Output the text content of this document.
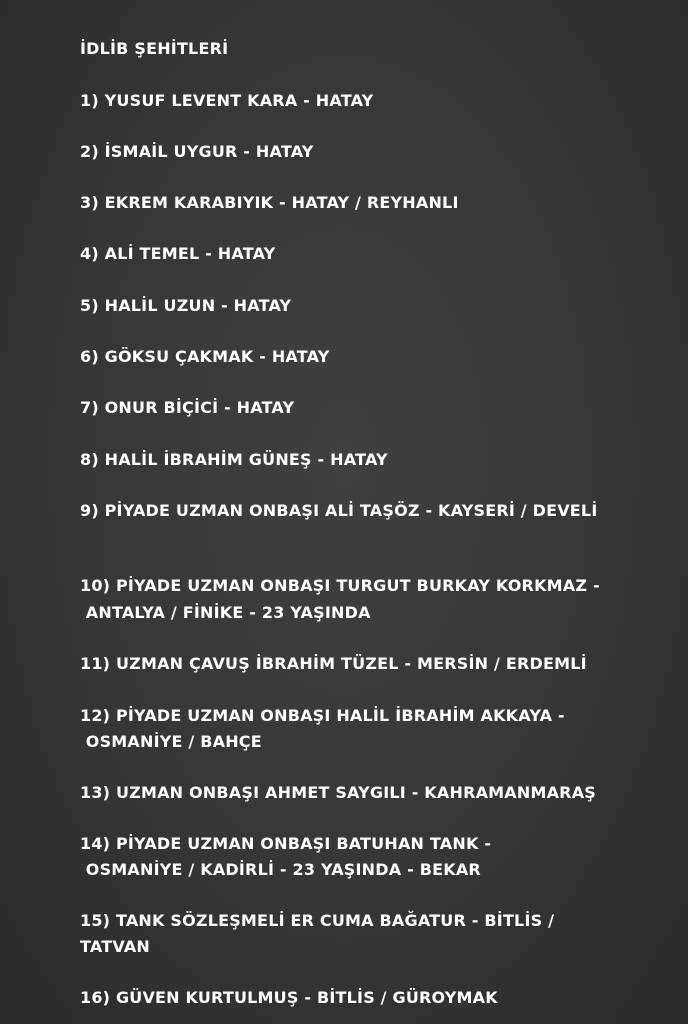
İDLİB ŞEHİTLERİ
1) YUSUF LEVENT KARA - HATAY
2) İSMAİL UYGUR - HATAY
3) EKREM KARABIYIK - HATAY / REYHANLI
4) ALİ TEMEL - HATAY
5) HALİL UZUN - HATAY
6) GÖKSU ÇAKMAK - HATAY
7) ONUR BİÇİCİ - HATAY
8) HALİL İBRAHİM GÜNEŞ - HATAY
9) PİYADE UZMAN ONBAŞI ALİ TAŞÖZ - KAYSERİ / DEVELİ
10) PİYADE UZMAN ONBAŞI TURGUT BURKAY KORKMAZ -
ANTALYA / FİNİKE - 23 YAŞINDA
11) UZMAN ÇAVUŞ İBRAHİM TÜZEL - MERSİN / ERDEMLİ
12) PİYADE UZMAN ONBAŞI HALİL İBRAHİM AKKAYA -
OSMANİYE / BAHÇE
13) UZMAN ONBAŞI AHMET SAYGILI - KAHRAMANMARAŞ
14) PİYADE UZMAN ONBAŞI BATUHAN TANK -
OSMANİYE / KADİRLİ - 23 YAŞINDA - BEKAR
15) TANK SÖZLEŞMELİ ER CUMA BAĞATUR - BİTLİS /
TATVAN
16) GÜVEN KURTULMUŞ - BİTLİS / GÜROYMAK
